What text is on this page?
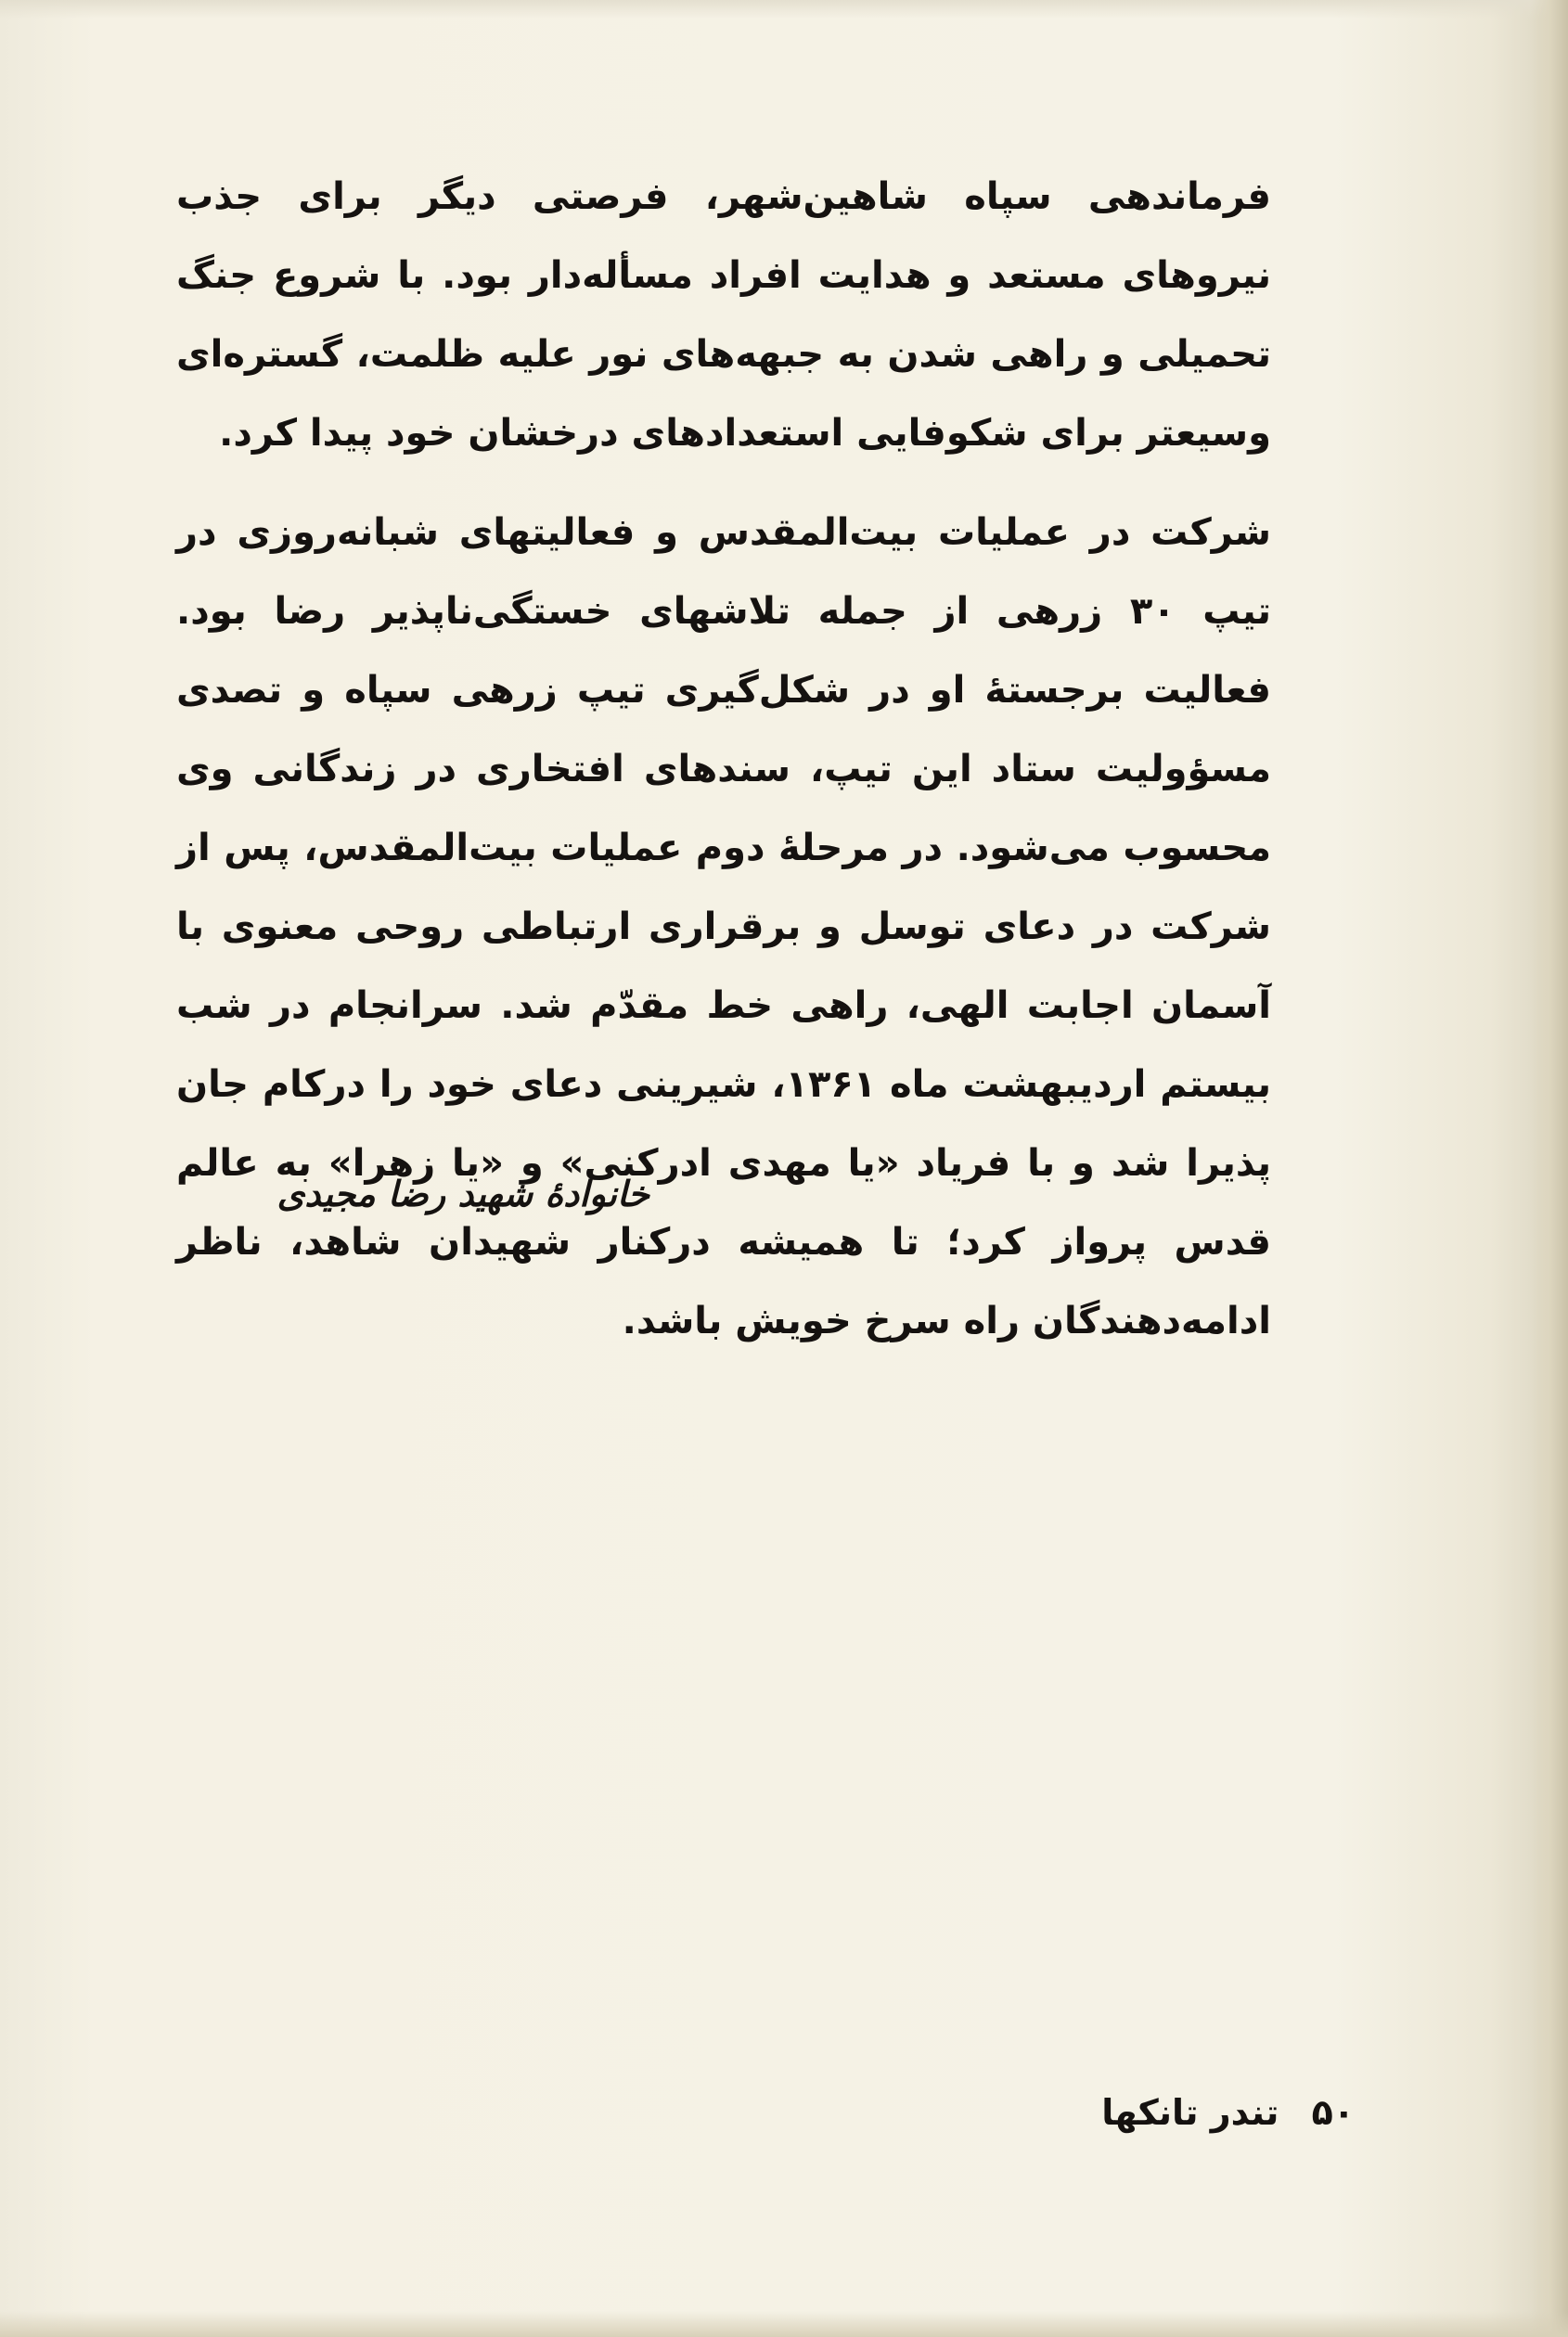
فرماندهی سپاه شاهین‌شهر، فرصتی دیگر برای جذب نیروهای مستعد و هدایت افراد مسأله‌دار بود. با شروع جنگ تحمیلی و راهی شدن به جبهه‌های نور علیه ظلمت، گستره‌ای وسیعتر برای شکوفایی استعدادهای درخشان خود پیدا کرد.

شرکت در عملیات بیت‌المقدس و فعالیتهای شبانه‌روزی در تیپ ۳۰ زرهی از جمله تلاشهای خستگی‌ناپذیر رضا بود. فعالیت برجستهٔ او در شکل‌گیری تیپ زرهی سپاه و تصدی مسؤولیت ستاد این تیپ، سندهای افتخاری در زندگانی وی محسوب می‌شود. در مرحلهٔ دوم عملیات بیت‌المقدس، پس از شرکت در دعای توسل و برقراری ارتباطی روحی معنوی با آسمان اجابت الهی، راهی خط مقدّم شد. سرانجام در شب بیستم اردیبهشت ماه ۱۳۶۱، شیرینی دعای خود را درکام جان پذیرا شد و با فریاد «یا مهدی ادرکنی» و «یا زهرا» به عالم قدس پرواز کرد؛ تا همیشه درکنار شهیدان شاهد، ناظر ادامه‌دهندگان راه سرخ خویش باشد.

خانوادهٔ شهید رضا مجیدی
۵۰ تندر تانکها
